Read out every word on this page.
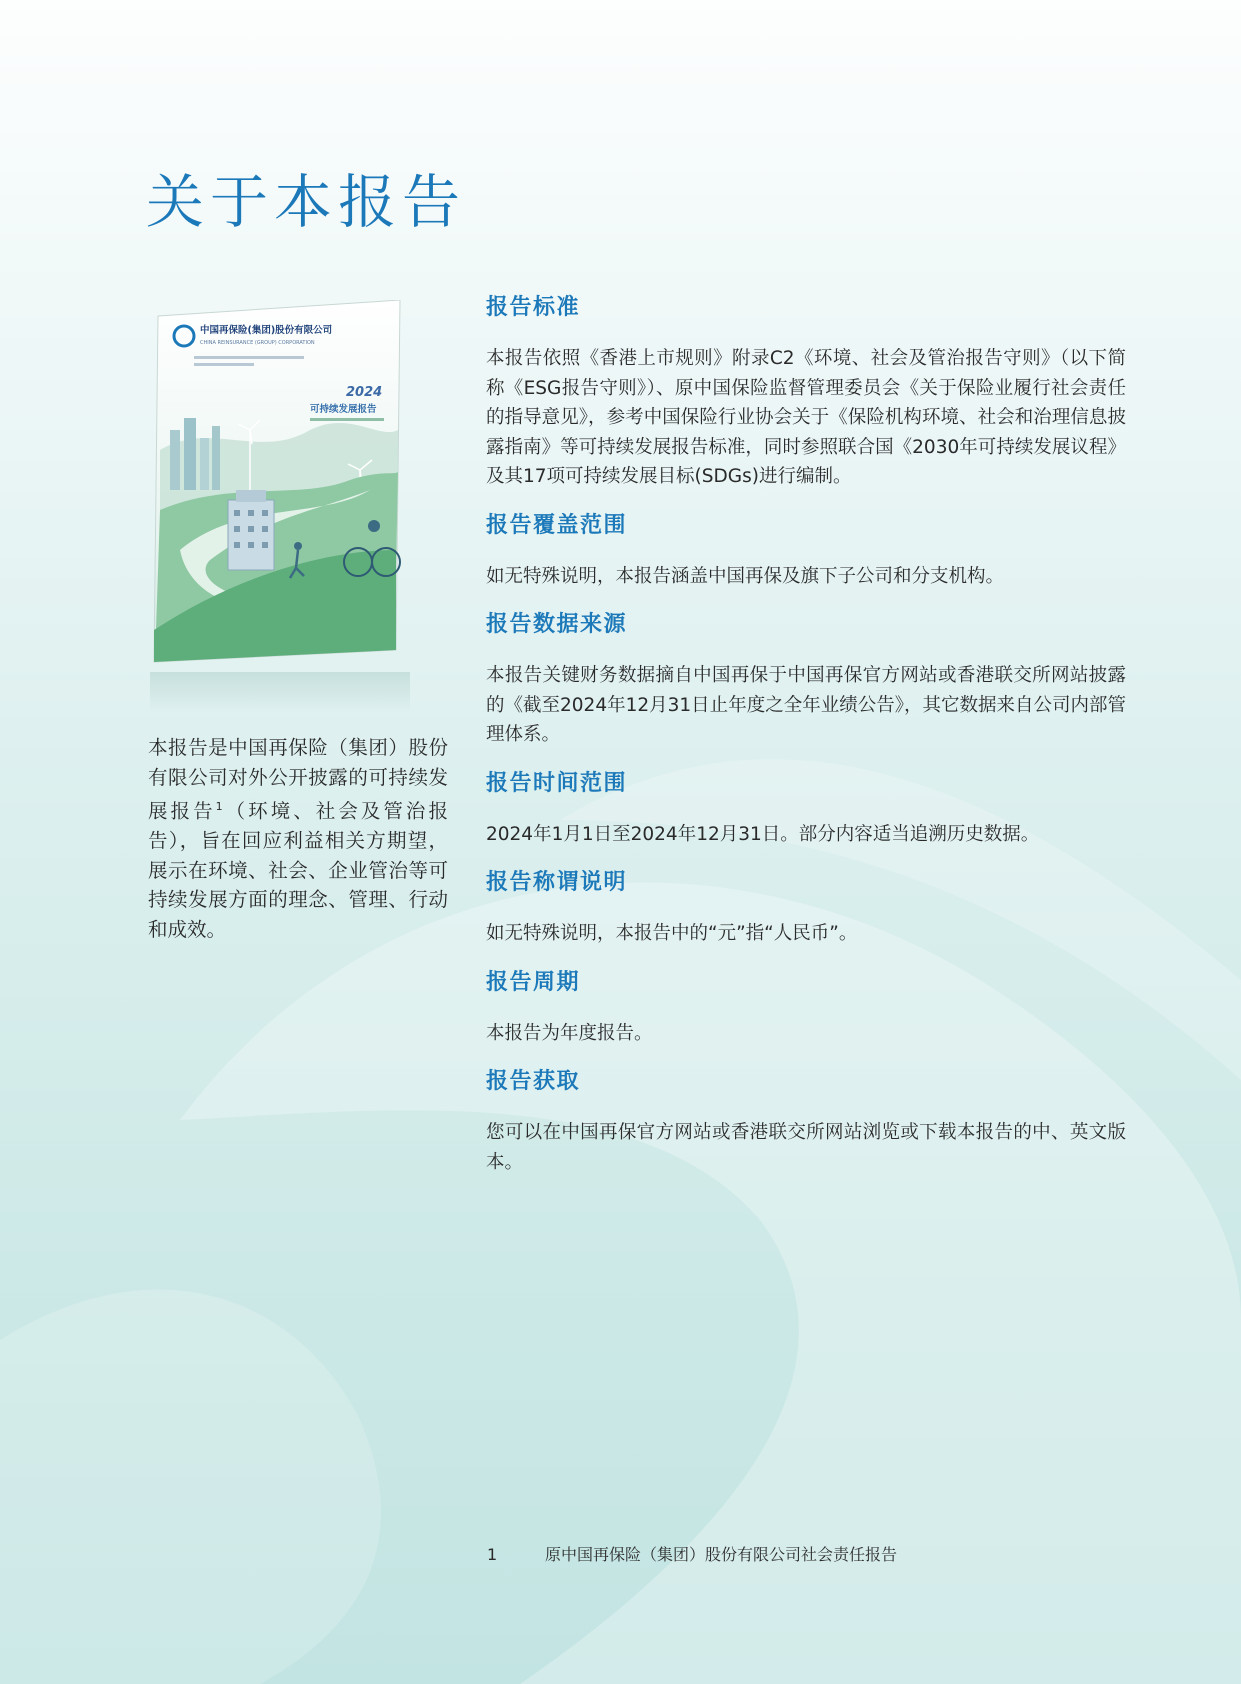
关于本报告
中国再保险(集团)股份有限公司
CHINA REINSURANCE (GROUP) CORPORATION
2024
可持续发展报告

本报告是中国再保险（集团）股份有限公司对外公开披露的可持续发展报告$^1$（环境、社会及管治报告），旨在回应利益相关方期望，展示在环境、社会、企业管治等可持续发展方面的理念、管理、行动和成效。

报告标准

本报告依照《香港上市规则》附录C2《环境、社会及管治报告守则》（以下简称《ESG报告守则》）、原中国保险监督管理委员会《关于保险业履行社会责任的指导意见》，参考中国保险行业协会关于《保险机构环境、社会和治理信息披露指南》等可持续发展报告标准，同时参照联合国《2030年可持续发展议程》及其17项可持续发展目标(SDGs)进行编制。

报告覆盖范围

如无特殊说明，本报告涵盖中国再保及旗下子公司和分支机构。

报告数据来源

本报告关键财务数据摘自中国再保于中国再保官方网站或香港联交所网站披露的《截至2024年12月31日止年度之全年业绩公告》，其它数据来自公司内部管理体系。

报告时间范围

2024年1月1日至2024年12月31日。部分内容适当追溯历史数据。

报告称谓说明

如无特殊说明，本报告中的“元”指“人民币”。

报告周期

本报告为年度报告。

报告获取

您可以在中国再保官方网站或香港联交所网站浏览或下载本报告的中、英文版本。

1	原中国再保险（集团）股份有限公司社会责任报告
